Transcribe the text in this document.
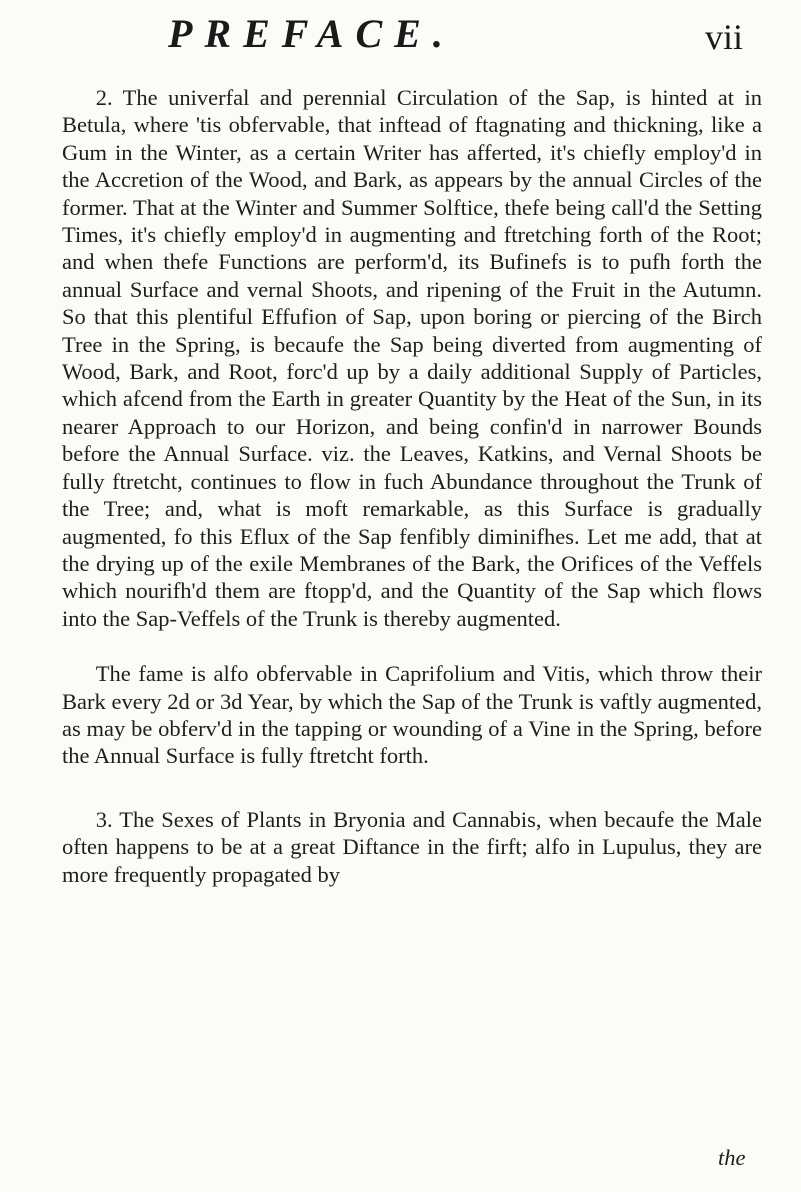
PREFACE.	vii

2. The univerfal and perennial Circulation of the Sap, is hinted at in Betula, where 'tis obfervable, that inftead of ftagnating and thickning, like a Gum in the Winter, as a certain Writer has afferted, it's chiefly employ'd in the Accretion of the Wood, and Bark, as appears by the annual Circles of the former. That at the Winter and Summer Solftice, thefe being call'd the Setting Times, it's chiefly employ'd in augmenting and ftretching forth of the Root; and when thefe Functions are perform'd, its Bufinefs is to pufh forth the annual Surface and vernal Shoots, and ripening of the Fruit in the Autumn. So that this plentiful Effufion of Sap, upon boring or piercing of the Birch Tree in the Spring, is becaufe the Sap being diverted from augmenting of Wood, Bark, and Root, forc'd up by a daily additional Supply of Particles, which afcend from the Earth in greater Quantity by the Heat of the Sun, in its nearer Approach to our Horizon, and being confin'd in narrower Bounds before the Annual Surface. viz. the Leaves, Katkins, and Vernal Shoots be fully ftretcht, continues to flow in fuch Abundance throughout the Trunk of the Tree; and, what is moft remarkable, as this Surface is gradually augmented, fo this Eflux of the Sap fenfibly diminifhes. Let me add, that at the drying up of the exile Membranes of the Bark, the Orifices of the Veffels which nourifh'd them are ftopp'd, and the Quantity of the Sap which flows into the Sap-Veffels of the Trunk is thereby augmented.

The fame is alfo obfervable in Caprifolium and Vitis, which throw their Bark every 2d or 3d Year, by which the Sap of the Trunk is vaftly augmented, as may be obferv'd in the tapping or wounding of a Vine in the Spring, before the Annual Surface is fully ftretcht forth.

3. The Sexes of Plants in Bryonia and Cannabis, when becaufe the Male often happens to be at a great Diftance in the firft; alfo in Lupulus, they are more frequently propagated by

the
